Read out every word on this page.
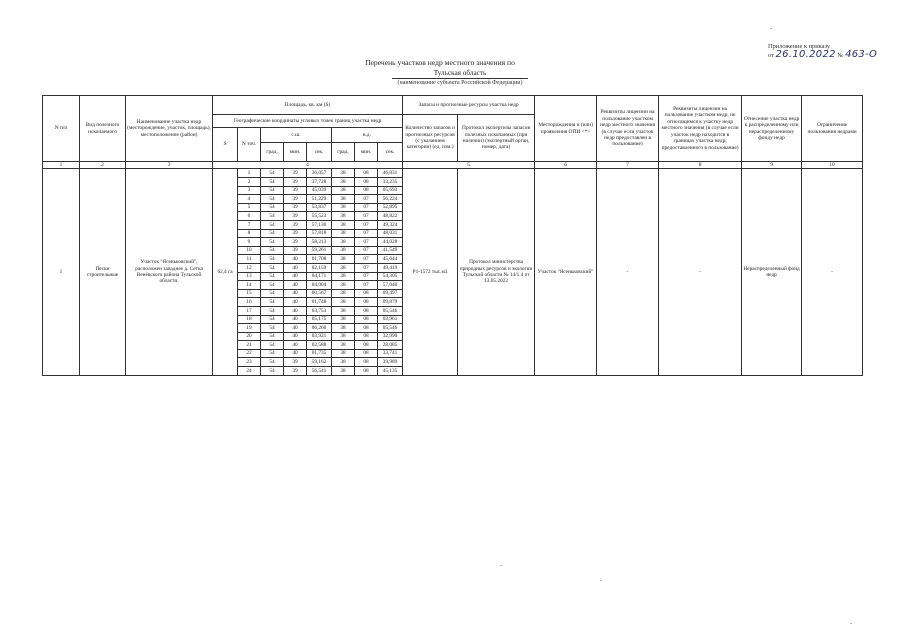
Приложение к приказу
от 26.10.2022 № 463-О
Перечень участков недр местного значения по
Тульская область
(наименование субъекта Российской Федерации)
N п/п	Вид полезного ископаемого	Наименование участка недр (месторождение, участок, площадь), местоположение (район)	Площадь, кв. км (S)								Запасы и прогнозные ресурсы участка недр		Месторождения и (или) проявления ОПИ <*>	Реквизиты лицензии на пользование участком недр местного значения (в случае если участок недр предоставлен в пользование)	Реквизиты лицензии на пользование участком недр, не относящимся к участку недр местного значения (в случае если участок недр находится в границах участка недр, предоставленного в пользование)	Отнесение участка недр к распределенному или нераспределенному фонду недр	Ограничение пользования недрами
			Географические координаты угловых точек границ участка недр								Количество запасов и прогнозных ресурсов (с указанием категории) (ед. изм.)	Протокол экспертизы запасов полезных ископаемых (при наличии) (экспертный орган, номер, дата)					
			S	N точ.	с.ш.			в.д.									
					град.	мин.	сек.	град.	мин.	сек.							
1	2	3	4								5		6	7	8	9	10
1	Пески строительные	Участок "Ясеньковский", расположен западнее д. Сетка Венёвского района Тульской области.	62,4 га	1	54	39	36,057	38	08	46,831	P1-1572 тыс.м3	Протокол министерства природных ресурсов и экологии Тульской области № 14/1.4 от 13.05.2022	Участок "Ясеньковский"	-	-	Нераспределенный фонд недр	-
				2	54	39	37,728	38	08	33,235							
				3	54	39	45,039	38	08	05,693							
				4	54	39	51,229	38	07	56,224							
				5	54	39	53,837	38	07	52,895							
				6	54	39	55,523	38	07	48,822							
				7	54	39	57,130	38	07	49,324							
				8	54	39	57,818	38	07	48,031							
				9	54	39	58,213	38	07	44,028							
				10	54	39	59,261	38	07	41,549							
				11	54	40	01,708	38	07	45,644							
				12	54	40	02,159	38	07	49,419							
				13	54	40	04,171	38	07	54,305							
				14	54	40	04,004	38	07	57,040							
				15	54	40	00,567	38	08	09,497							
				16	54	40	01,748	38	08	09,879							
				17	54	40	03,753	38	08	05,546							
				18	54	40	05,175	38	08	03,961							
				19	54	40	06,260	38	08	05,546							
				20	54	40	03,921	38	08	32,990							
				21	54	40	02,588	38	08	28,085							
				22	54	40	01,735	38	08	33,741							
				23	54	39	59,162	38	08	39,989							
				24	54	39	56,541	38	08	45,135							
